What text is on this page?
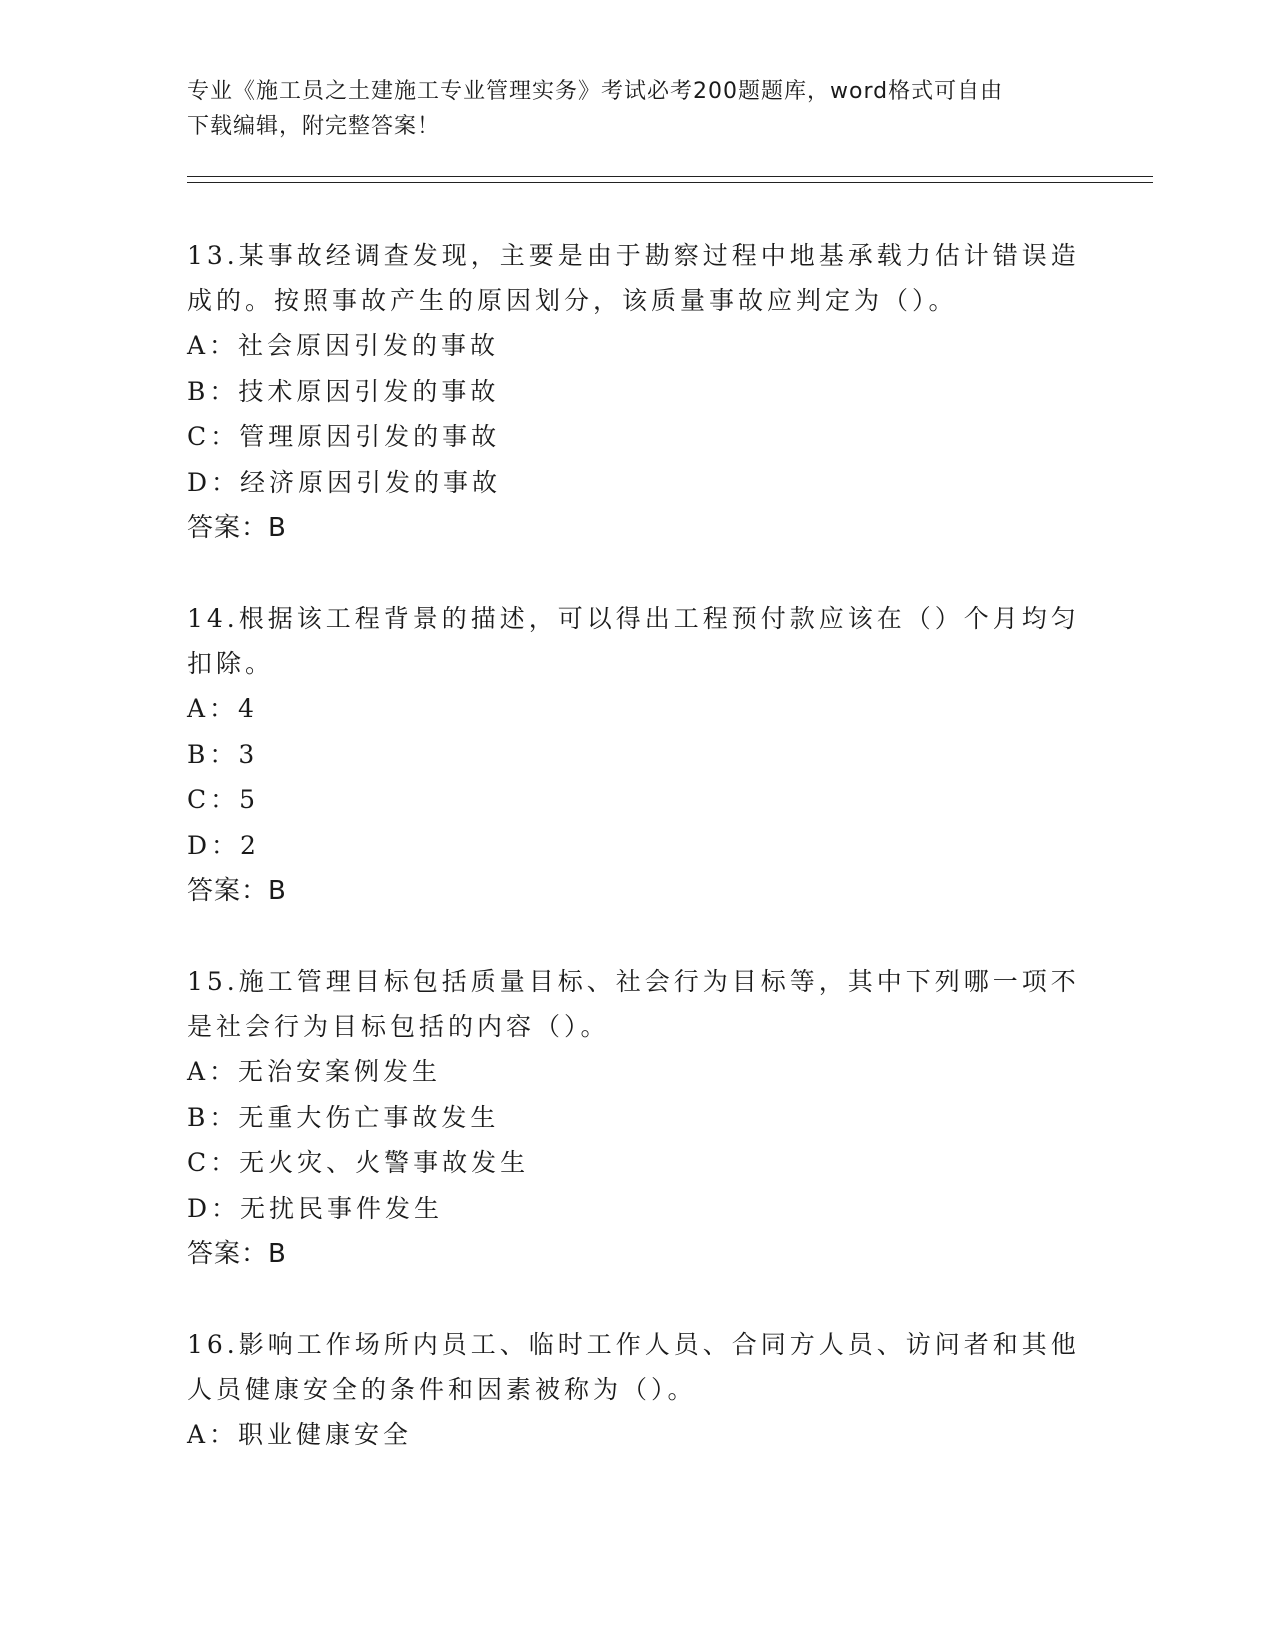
专业《施工员之土建施工专业管理实务》考试必考200题题库，word格式可自由
下载编辑，附完整答案！

13.某事故经调查发现，主要是由于勘察过程中地基承载力估计错误造

成的。按照事故产生的原因划分，该质量事故应判定为（）。

A：社会原因引发的事故

B：技术原因引发的事故

C：管理原因引发的事故

D：经济原因引发的事故

答案：B

14.根据该工程背景的描述，可以得出工程预付款应该在（）个月均匀

扣除。

A：4

B：3

C：5

D：2

答案：B

15.施工管理目标包括质量目标、社会行为目标等，其中下列哪一项不

是社会行为目标包括的内容（）。

A：无治安案例发生

B：无重大伤亡事故发生

C：无火灾、火警事故发生

D：无扰民事件发生

答案：B

16.影响工作场所内员工、临时工作人员、合同方人员、访问者和其他

人员健康安全的条件和因素被称为（）。

A：职业健康安全
